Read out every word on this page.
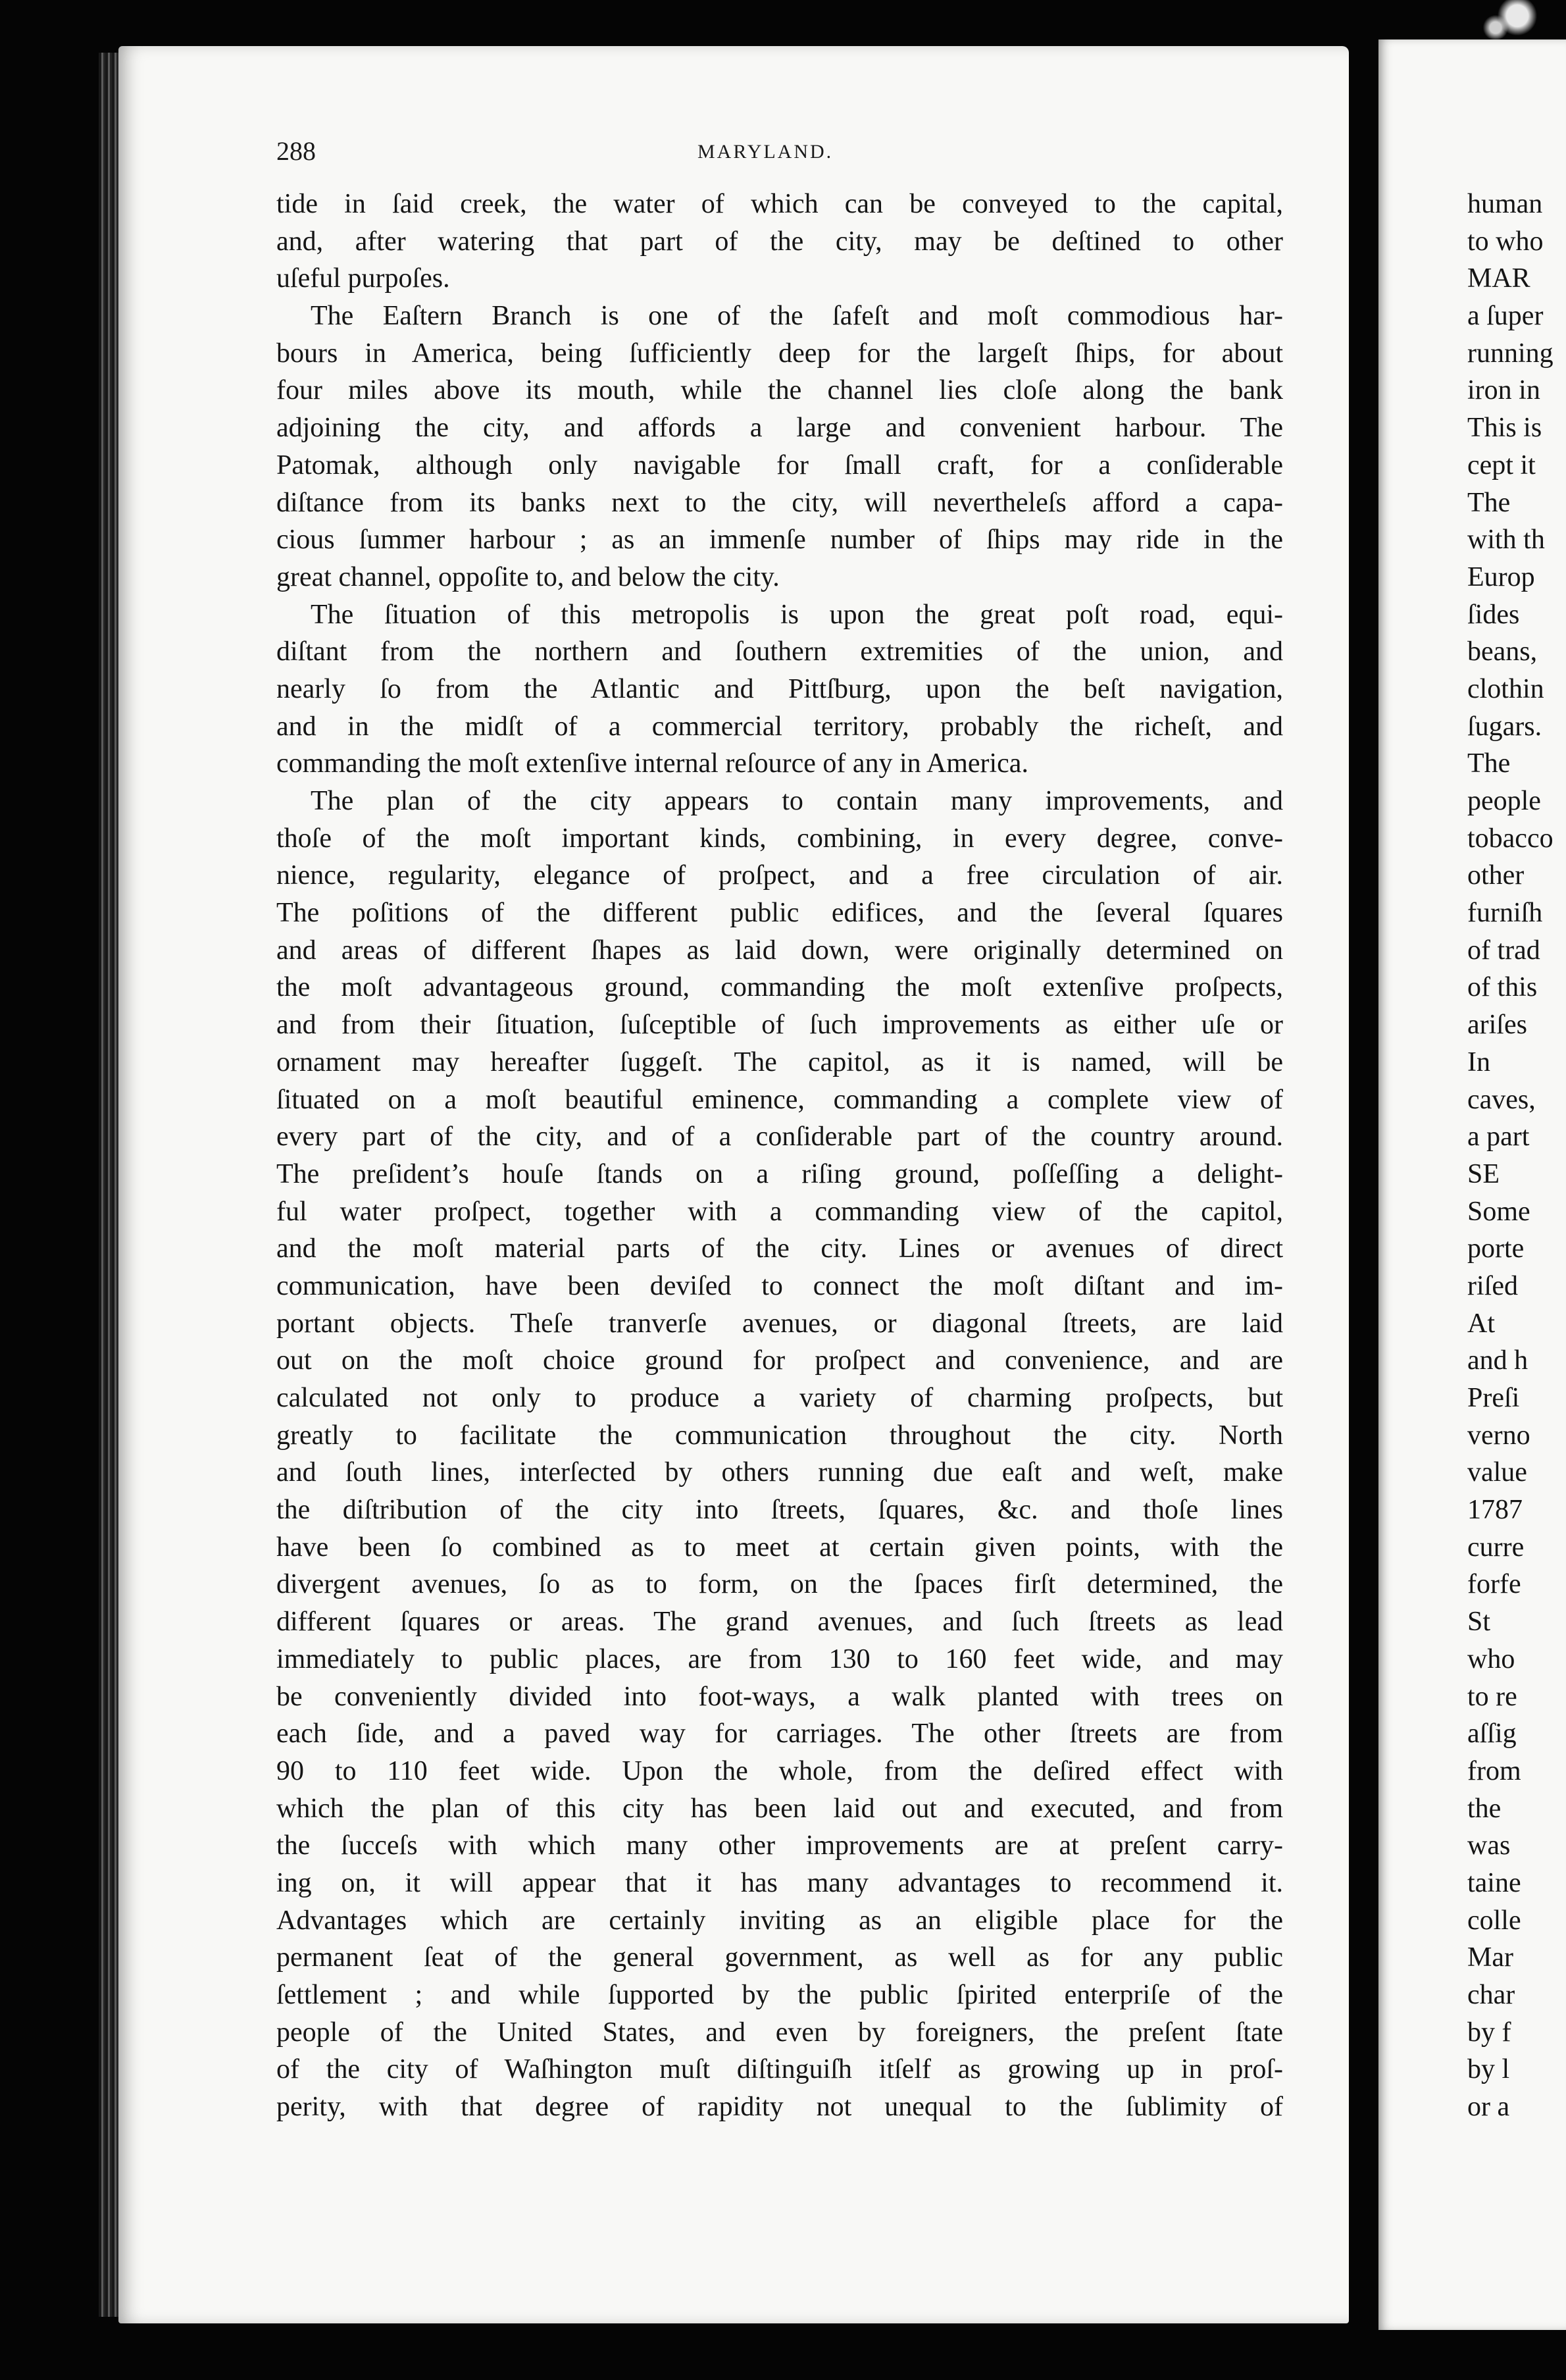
288	MARYLAND.
tide in ſaid creek, the water of which can be conveyed to the capital,
and, after watering that part of the city, may be deſtined to other
uſeful purpoſes.
The Eaſtern Branch is one of the ſafeſt and moſt commodious har-
bours in America, being ſufficiently deep for the largeſt ſhips, for about
four miles above its mouth, while the channel lies cloſe along the bank
adjoining the city, and affords a large and convenient harbour. The
Patomak, although only navigable for ſmall craft, for a conſiderable
diſtance from its banks next to the city, will nevertheleſs afford a capa-
cious ſummer harbour ; as an immenſe number of ſhips may ride in the
great channel, oppoſite to, and below the city.
The ſituation of this metropolis is upon the great poſt road, equi-
diſtant from the northern and ſouthern extremities of the union, and
nearly ſo from the Atlantic and Pittſburg, upon the beſt navigation,
and in the midſt of a commercial territory, probably the richeſt, and
commanding the moſt extenſive internal reſource of any in America.
The plan of the city appears to contain many improvements, and
thoſe of the moſt important kinds, combining, in every degree, conve-
nience, regularity, elegance of proſpect, and a free circulation of air.
The poſitions of the different public edifices, and the ſeveral ſquares
and areas of different ſhapes as laid down, were originally determined on
the moſt advantageous ground, commanding the moſt extenſive proſpects,
and from their ſituation, ſuſceptible of ſuch improvements as either uſe or
ornament may hereafter ſuggeſt. The capitol, as it is named, will be
ſituated on a moſt beautiful eminence, commanding a complete view of
every part of the city, and of a conſiderable part of the country around.
The preſident’s houſe ſtands on a riſing ground, poſſeſſing a delight-
ful water proſpect, together with a commanding view of the capitol,
and the moſt material parts of the city. Lines or avenues of direct
communication, have been deviſed to connect the moſt diſtant and im-
portant objects. Theſe tranverſe avenues, or diagonal ſtreets, are laid
out on the moſt choice ground for proſpect and convenience, and are
calculated not only to produce a variety of charming proſpects, but
greatly to facilitate the communication throughout the city. North
and ſouth lines, interſected by others running due eaſt and weſt, make
the diſtribution of the city into ſtreets, ſquares, &c. and thoſe lines
have been ſo combined as to meet at certain given points, with the
divergent avenues, ſo as to form, on the ſpaces firſt determined, the
different ſquares or areas. The grand avenues, and ſuch ſtreets as lead
immediately to public places, are from 130 to 160 feet wide, and may
be conveniently divided into foot-ways, a walk planted with trees on
each ſide, and a paved way for carriages. The other ſtreets are from
90 to 110 feet wide. Upon the whole, from the deſired effect with
which the plan of this city has been laid out and executed, and from
the ſucceſs with which many other improvements are at preſent carry-
ing on, it will appear that it has many advantages to recommend it.
Advantages which are certainly inviting as an eligible place for the
permanent ſeat of the general government, as well as for any public
ſettlement ; and while ſupported by the public ſpirited enterpriſe of the
people of the United States, and even by foreigners, the preſent ſtate
of the city of Waſhington muſt diſtinguiſh itſelf as growing up in proſ-
perity, with that degree of rapidity not unequal to the ſublimity of
human
to who
MAR
a ſuper
running
iron in
This is
cept it
The
with th
Europ
ſides
beans,
clothin
ſugars.
The
people
tobacco
other
furniſh
of trad
of this
ariſes
In
caves,
a part
SE
Some
porte
riſed
At
and h
Preſi
verno
value
1787
curre
forfe
St
who
to re
aſſig
from
the
was
taine
colle
Mar
char
by f
by l
or a
